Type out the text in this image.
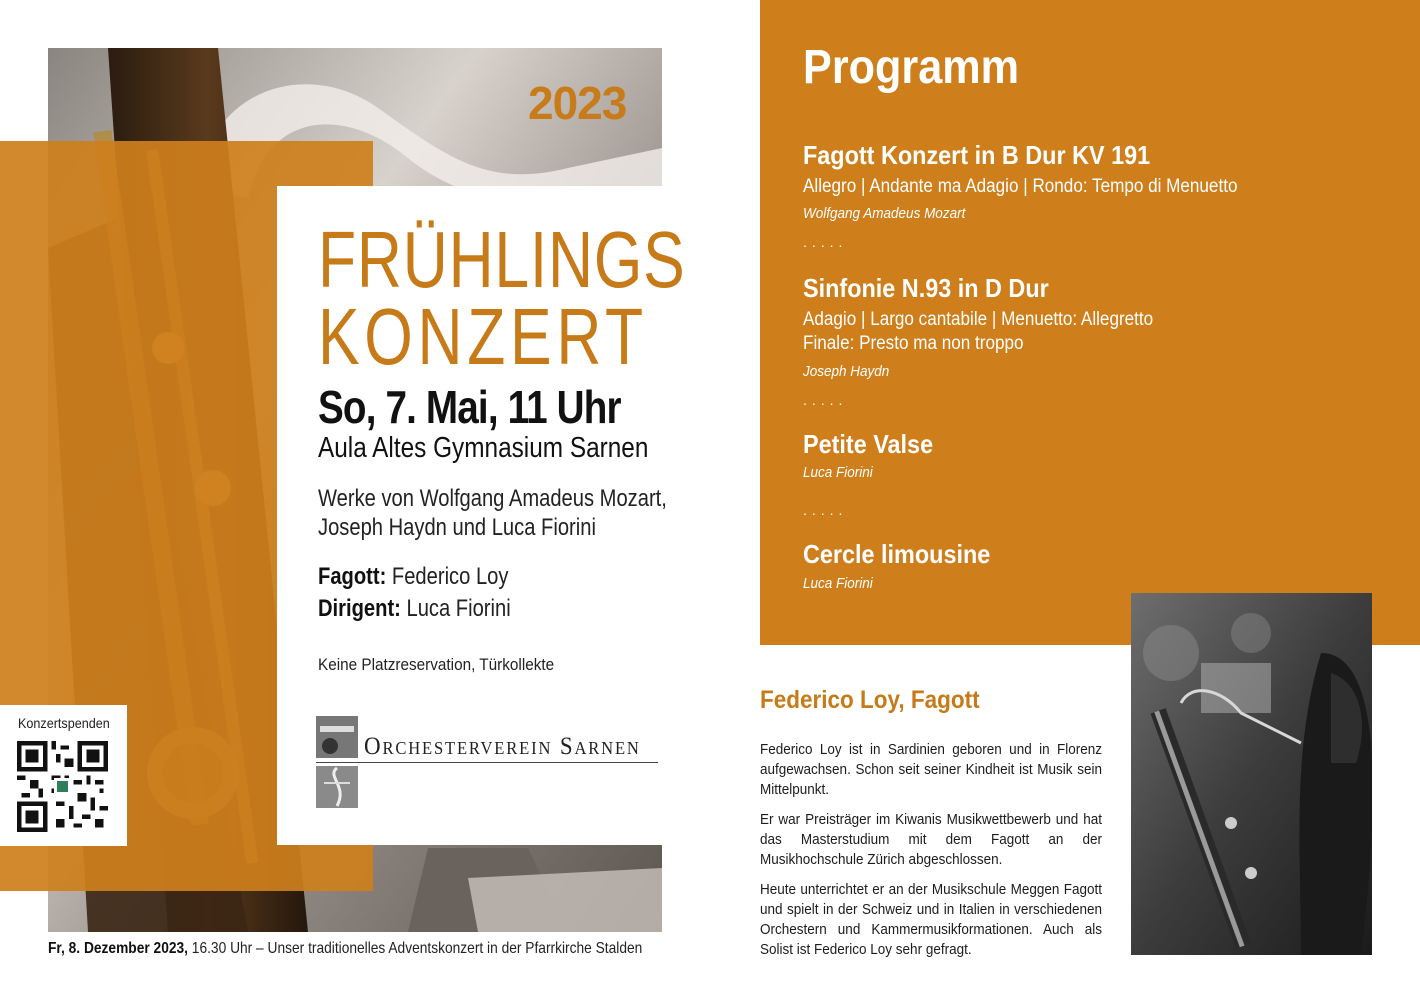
2023
FRÜHLINGS
KONZERT
So, 7. Mai, 11 Uhr
Aula Altes Gymnasium Sarnen
Werke von Wolfgang Amadeus Mozart,
Joseph Haydn und Luca Fiorini
Fagott: Federico Loy
Dirigent: Luca Fiorini
Keine Platzreservation, Türkollekte
Orchesterverein Sarnen
Konzertspenden
Fr, 8. Dezember 2023, 16.30 Uhr – Unser traditionelles Adventskonzert in der Pfarrkirche Stalden
Programm
Fagott Konzert in B Dur KV 191
Allegro | Andante ma Adagio | Rondo: Tempo di Menuetto
Wolfgang Amadeus Mozart
.....
Sinfonie N.93 in D Dur
Adagio | Largo cantabile | Menuetto: Allegretto
Finale: Presto ma non troppo
Joseph Haydn
.....
Petite Valse
Luca Fiorini
.....
Cercle limousine
Luca Fiorini
Federico Loy, Fagott
Federico Loy ist in Sardinien geboren und in Florenz aufgewachsen. Schon seit seiner Kindheit ist Musik sein Mittelpunkt.
Er war Preisträger im Kiwanis Musikwettbewerb und hat das Masterstudium mit dem Fagott an der Musikhochschule Zürich abgeschlossen.
Heute unterrichtet er an der Musikschule Meggen Fagott und spielt in der Schweiz und in Italien in verschiedenen Orchestern und Kammermusikformationen. Auch als Solist ist Federico Loy sehr gefragt.
